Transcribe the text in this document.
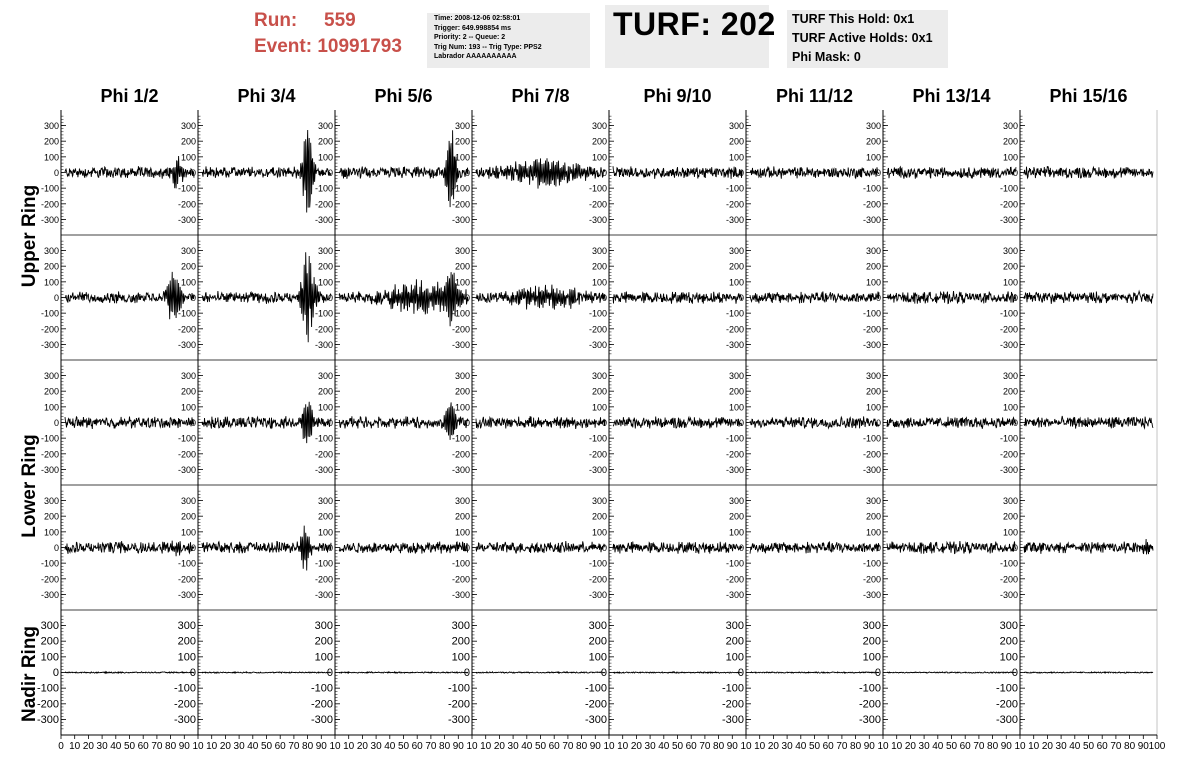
Run: 559
Event: 10991793
Time: 2008-12-06 02:58:01
Trigger: 649.998854 ms
Priority: 2 -- Queue: 2
Trig Num: 193 -- Trig Type: PPS2
Labrador AAAAAAAAAA
TURF: 202 TURF This Hold: 0x1
TURF Active Holds: 0x1
Phi Mask: 0
Phi 1/2	Phi 3/4	Phi 5/6	Phi 7/8	Phi 9/10	Phi 11/12	Phi 13/14	Phi 15/16
Upper Ring
Lower Ring
Nadir Ring
300
200
100
0
-100
-200
-300
300
200
100
0
-100
-200
-300
300
200
100
0
-100
-200
-300
300
200
100
0
-100
-200
-300
300
200
100
0
-100
-200
-300
300
200
100
0
-100
-200
-300
300
200
100
0
-100
-200
-300
300
200
100
0
-100
-200
-300
300
200
100
0
-100
-200
-300
300
200
100
0
-100
-200
-300
300
200
100
0
-100
-200
-300
300
200
100
0
-100
-200
-300
300
200
100
0
-100
-200
-300
300
200
100
0
-100
-200
-300
300
200
100
0
-100
-200
-300
300
200
100
0
-100
-200
-300
300
200
100
0
-100
-200
-300
300
200
100
0
-100
-200
-300
300
200
100
0
-100
-200
-300
300
200
100
0
-100
-200
-300
300
200
100
0
-100
-200
-300
300
200
100
0
-100
-200
-300
300
200
100
0
-100
-200
-300
300
200
100
0
-100
-200
-300
300
200
100
0
-100
-200
-300
300
200
100
0
-100
-200
-300
300
200
100
0
-100
-200
-300
300
200
100
0
-100
-200
-300
300
200
100
0
-100
-200
-300
300
200
100
0
-100
-200
-300
300
200
100
0
-100
-200
-300
300
200
100
0
-100
-200
-300
300
200
100
0
-100
-200
-300
300
200
100
0
-100
-200
-300
300
200
100
0
-100
-200
-300
300
200
100
0
-100
-200
-300
300
200
100
0
-100
-200
-300
300
200
100
0
-100
-200
-300
300
200
100
0
-100
-200
-300
300
200
100
0
-100
-200
-300
0 10 20 30 40 50 60 70 80 90 10 10 20 30 40 50 60 70 80 90 10 10 20 30 40 50 60 70 80 90 10 10 20 30 40 50 60 70 80 90 10 10 20 30 40 50 60 70 80 90 10 10 20 30 40 50 60 70 80 90 10 10 20 30 40 50 60 70 80 90 10 10 20 30 40 50 60 70 80 90 100
